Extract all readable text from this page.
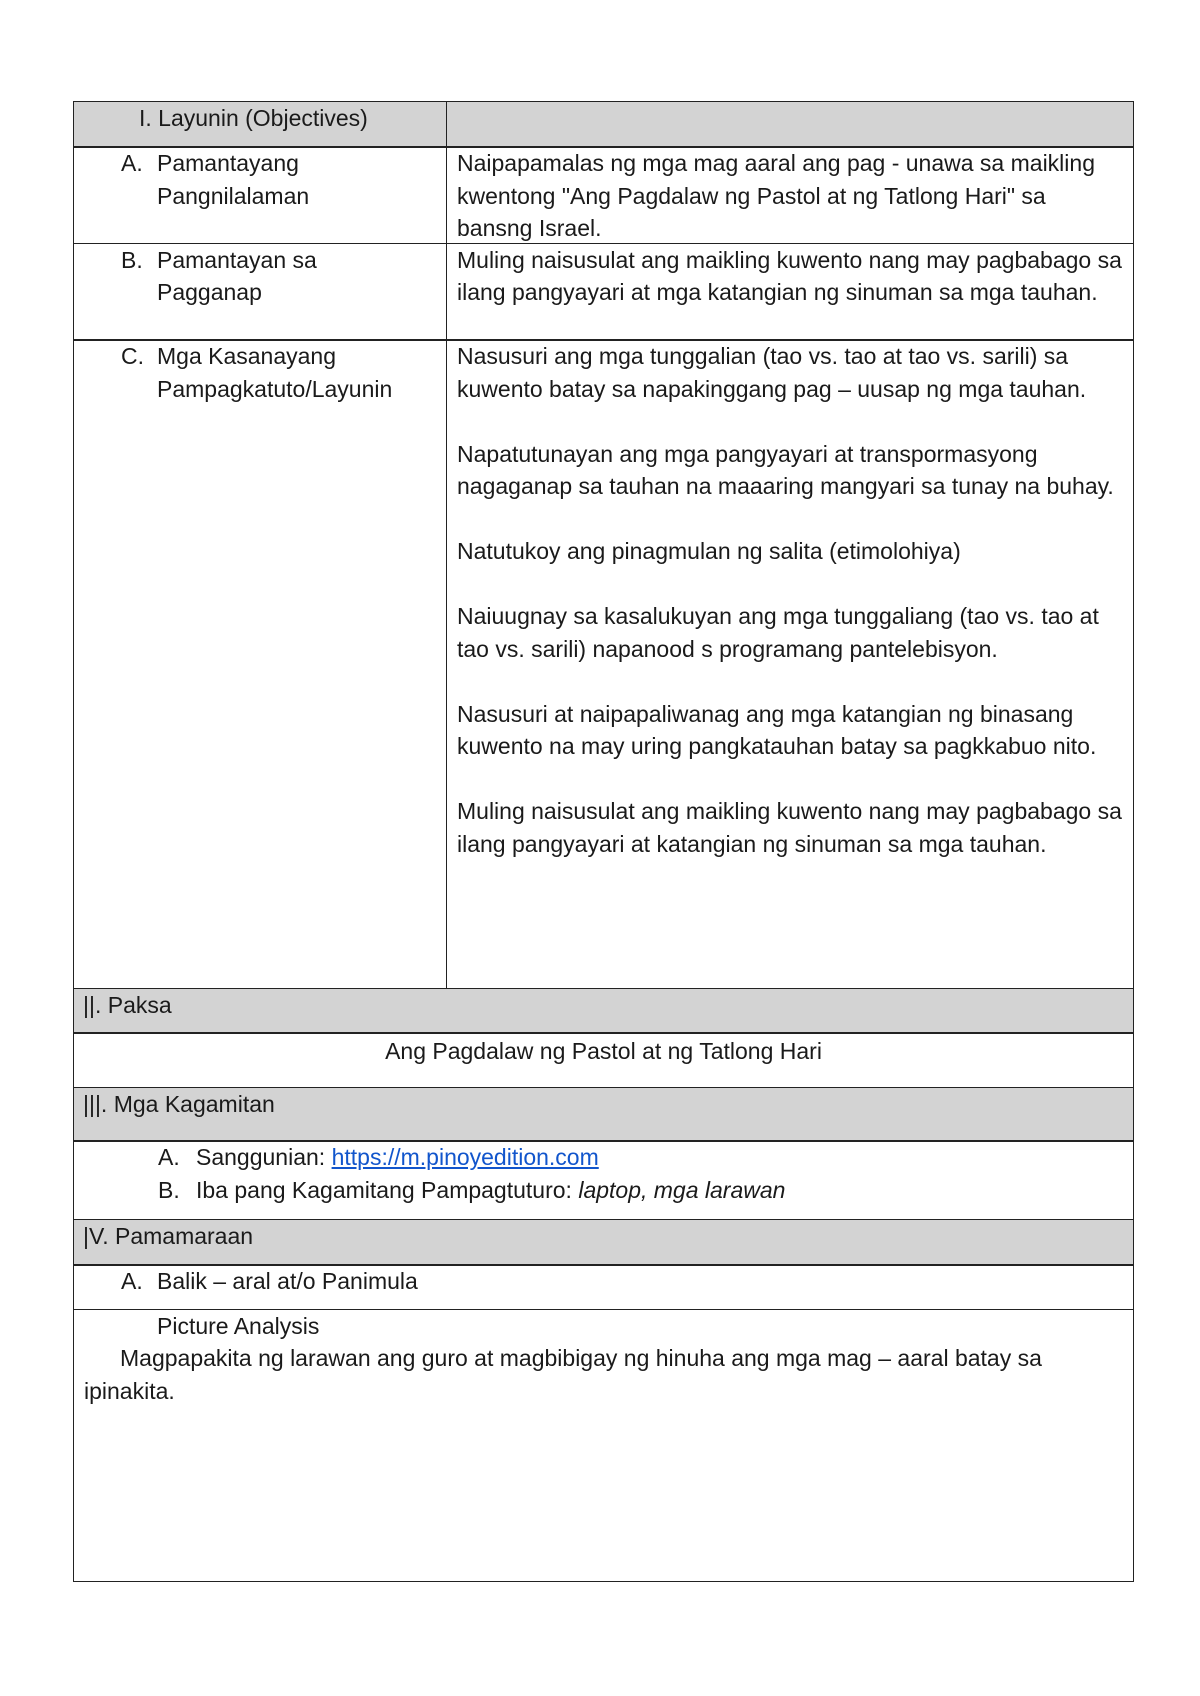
I. Layunin (Objectives)
A. Pamantayang
Pangnilalaman

Naipapamalas ng mga mag aaral ang pag - unawa sa maikling kwentong "Ang Pagdalaw ng Pastol at ng Tatlong Hari" sa bansng Israel.

B. Pamantayan sa
Pagganap

Muling naisusulat ang maikling kuwento nang may pagbabago sa ilang pangyayari at mga katangian ng sinuman sa mga tauhan.

C. Mga Kasanayang
Pampagkatuto/Layunin

Nasusuri ang mga tunggalian (tao vs. tao at tao vs. sarili) sa kuwento batay sa napakinggang pag – uusap ng mga tauhan.

Napatutunayan ang mga pangyayari at transpormasyong nagaganap sa tauhan na maaaring mangyari sa tunay na buhay.

Natutukoy ang pinagmulan ng salita (etimolohiya)

Naiuugnay sa kasalukuyan ang mga tunggaliang (tao vs. tao at tao vs. sarili) napanood s programang pantelebisyon.

Nasusuri at naipapaliwanag ang mga katangian ng binasang kuwento na may uring pangkatauhan batay sa pagkkabuo nito.

Muling naisusulat ang maikling kuwento nang may pagbabago sa ilang pangyayari at katangian ng sinuman sa mga tauhan.

||. Paksa
Ang Pagdalaw ng Pastol at ng Tatlong Hari
|||. Mga Kagamitan
A. Sanggunian: https://m.pinoyedition.com
B. Iba pang Kagamitang Pampagtuturo: laptop, mga larawan
|V. Pamamaraan
A. Balik – aral at/o Panimula
Picture Analysis
Magpapakita ng larawan ang guro at magbibigay ng hinuha ang mga mag – aaral batay sa ipinakita.
